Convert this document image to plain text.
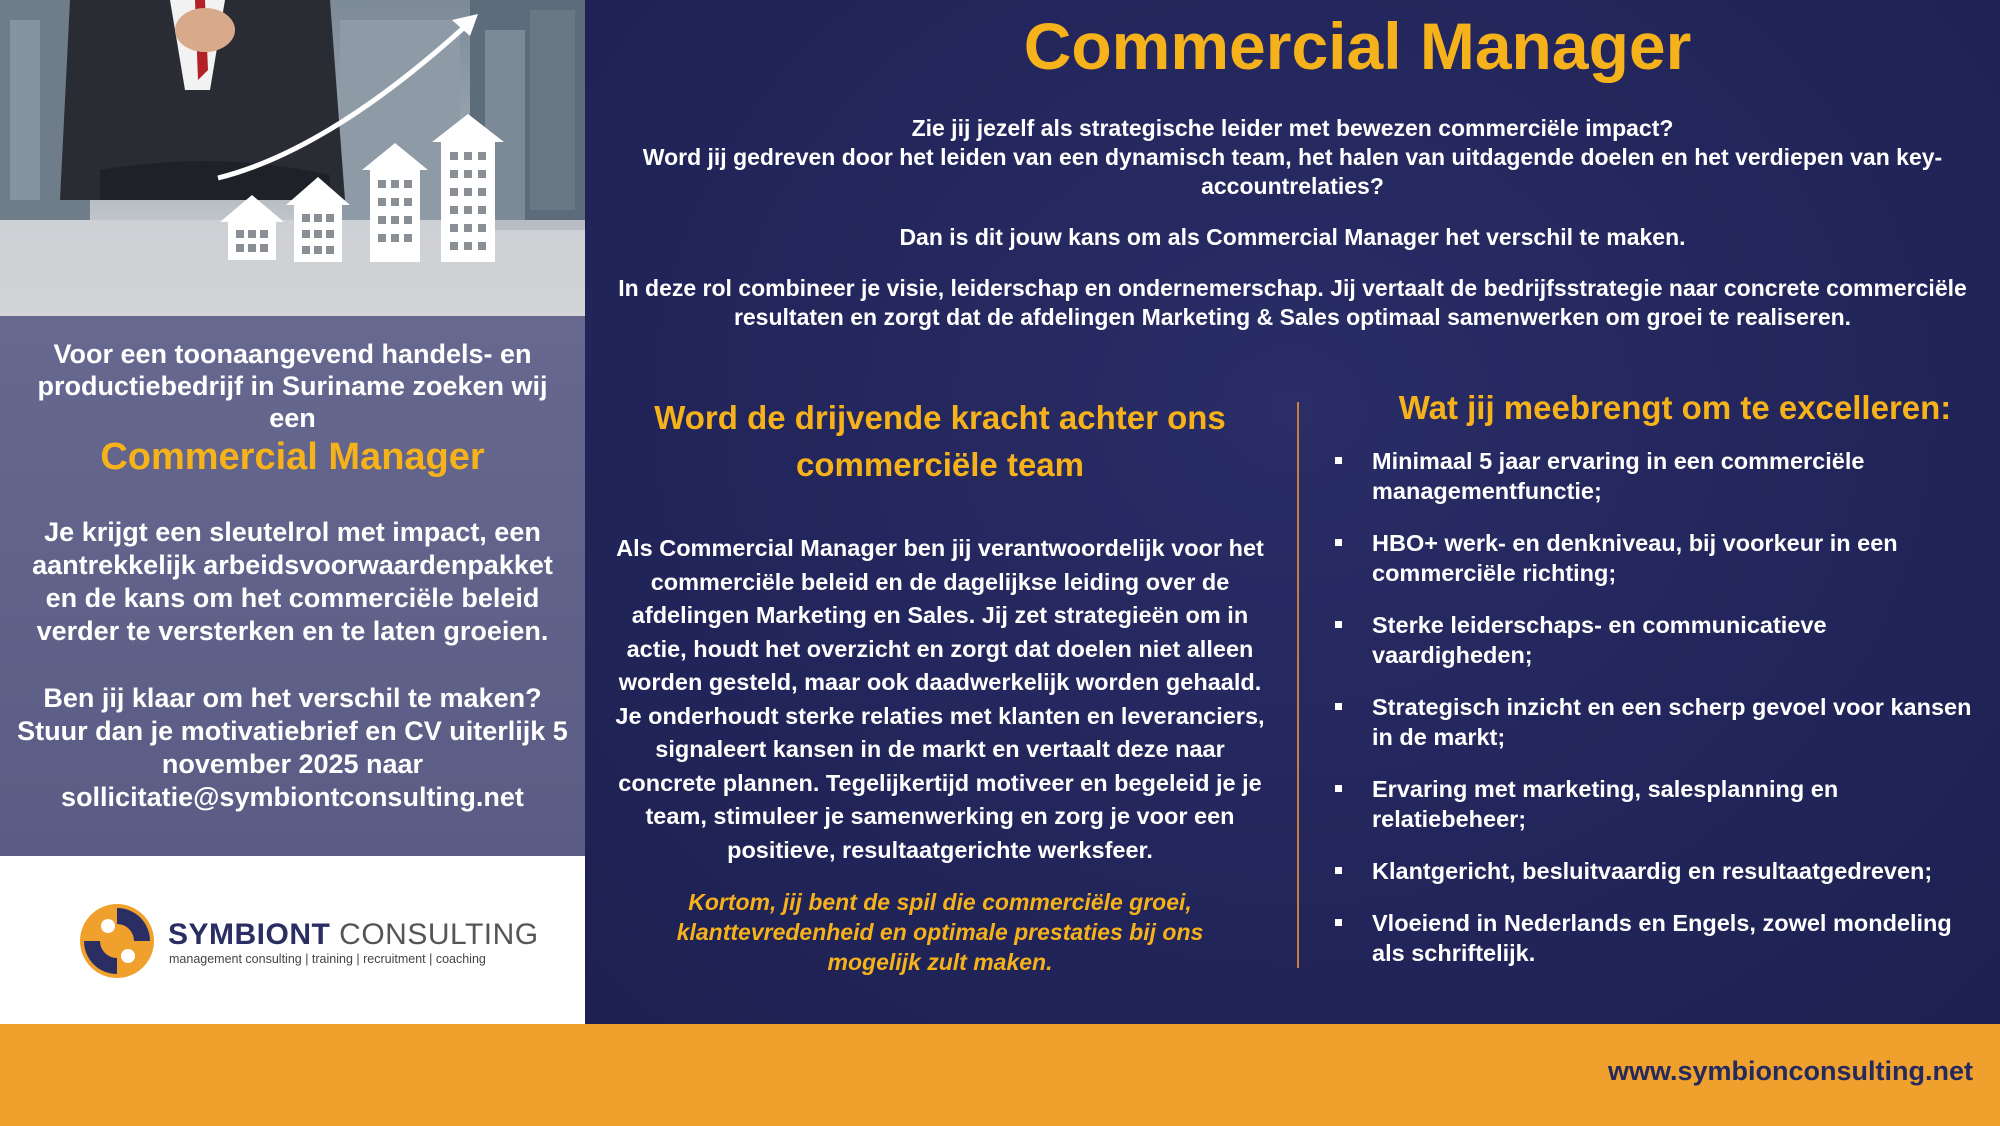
Voor een toonaangevend handels- en productiebedrijf in Suriname zoeken wij een
Commercial Manager
Je krijgt een sleutelrol met impact, een aantrekkelijk arbeidsvoorwaardenpakket en de kans om het commerciële beleid verder te versterken en te laten groeien.
Ben jij klaar om het verschil te maken?
Stuur dan je motivatiebrief en CV uiterlijk 5 november 2025 naar
sollicitatie@symbiontconsulting.net
SYMBIONT CONSULTING
management consulting | training | recruitment | coaching
Commercial Manager

Zie jij jezelf als strategische leider met bewezen commerciële impact?
Word jij gedreven door het leiden van een dynamisch team, het halen van uitdagende doelen en het verdiepen van key-accountrelaties?

Dan is dit jouw kans om als Commercial Manager het verschil te maken.

In deze rol combineer je visie, leiderschap en ondernemerschap. Jij vertaalt de bedrijfsstrategie naar concrete commerciële resultaten en zorgt dat de afdelingen Marketing & Sales optimaal samenwerken om groei te realiseren.

Word de drijvende kracht achter ons commerciële team
Als Commercial Manager ben jij verantwoordelijk voor het commerciële beleid en de dagelijkse leiding over de afdelingen Marketing en Sales. Jij zet strategieën om in actie, houdt het overzicht en zorgt dat doelen niet alleen worden gesteld, maar ook daadwerkelijk worden gehaald. Je onderhoudt sterke relaties met klanten en leveranciers, signaleert kansen in de markt en vertaalt deze naar concrete plannen. Tegelijkertijd motiveer en begeleid je je team, stimuleer je samenwerking en zorg je voor een positieve, resultaatgerichte werksfeer.
Kortom, jij bent de spil die commerciële groei, klanttevredenheid en optimale prestaties bij ons mogelijk zult maken.
Wat jij meebrengt om te excelleren:
Minimaal 5 jaar ervaring in een commerciële managementfunctie;
HBO+ werk- en denkniveau, bij voorkeur in een commerciële richting;
Sterke leiderschaps- en communicatieve vaardigheden;
Strategisch inzicht en een scherp gevoel voor kansen in de markt;
Ervaring met marketing, salesplanning en relatiebeheer;
Klantgericht, besluitvaardig en resultaatgedreven;
Vloeiend in Nederlands en Engels, zowel mondeling als schriftelijk.
www.symbionconsulting.net
